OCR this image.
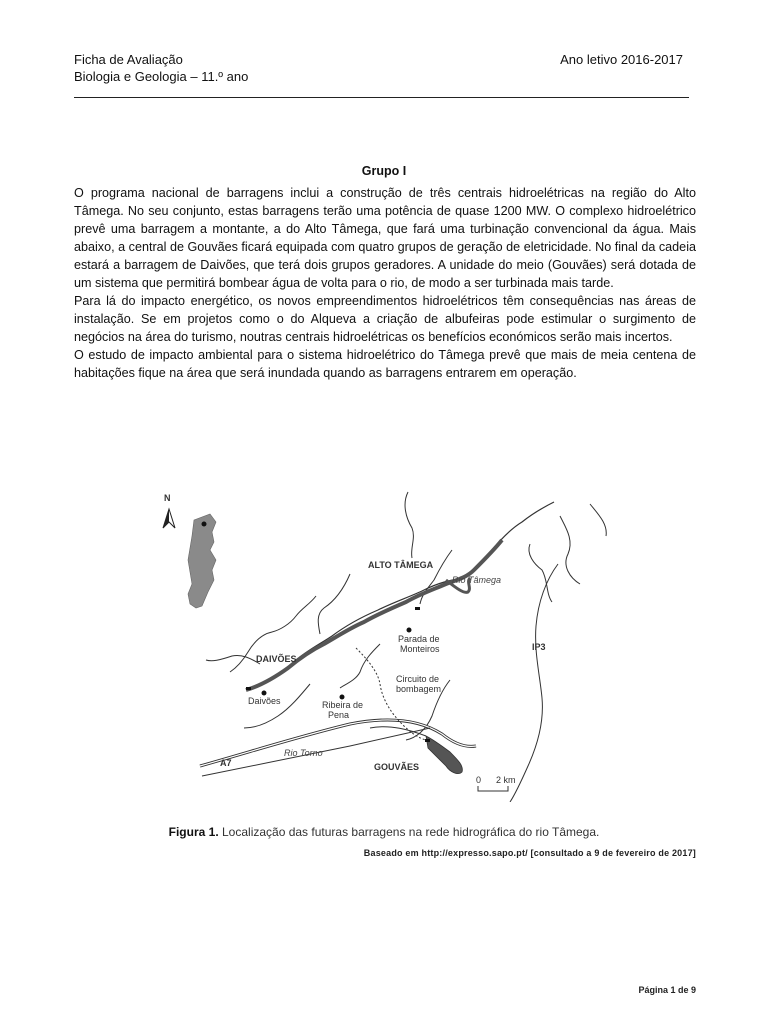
Ficha de Avaliação
Biologia e Geologia – 11.º ano
Ano letivo 2016-2017
Grupo I

O programa nacional de barragens inclui a construção de três centrais hidroelétricas na região do Alto Tâmega. No seu conjunto, estas barragens terão uma potência de quase 1200 MW. O complexo hidroelétrico prevê uma barragem a montante, a do Alto Tâmega, que fará uma turbinação convencional da água. Mais abaixo, a central de Gouvães ficará equipada com quatro grupos de geração de eletricidade. No final da cadeia estará a barragem de Daivões, que terá dois grupos geradores. A unidade do meio (Gouvães) será dotada de um sistema que permitirá bombear água de volta para o rio, de modo a ser turbinada mais tarde.

Para lá do impacto energético, os novos empreendimentos hidroelétricos têm consequências nas áreas de instalação. Se em projetos como o do Alqueva a criação de albufeiras pode estimular o surgimento de negócios na área do turismo, noutras centrais hidroelétricas os benefícios económicos serão mais incertos.

O estudo de impacto ambiental para o sistema hidroelétrico do Tâmega prevê que mais de meia centena de habitações fique na área que será inundada quando as barragens entrarem em operação.

N
IP3
A7
Rio Torno
Rio Tâmega
ALTO TÂMEGA
Parada de
Monteiros
DAIVÕES
Circuito de
bombagem
Daivões	Ribeira de
Pena
GOUVÃES
0 2 km
Figura 1. Localização das futuras barragens na rede hidrográfica do rio Tâmega.
Baseado em http://expresso.sapo.pt/ [consultado a 9 de fevereiro de 2017]
Página 1 de 9
